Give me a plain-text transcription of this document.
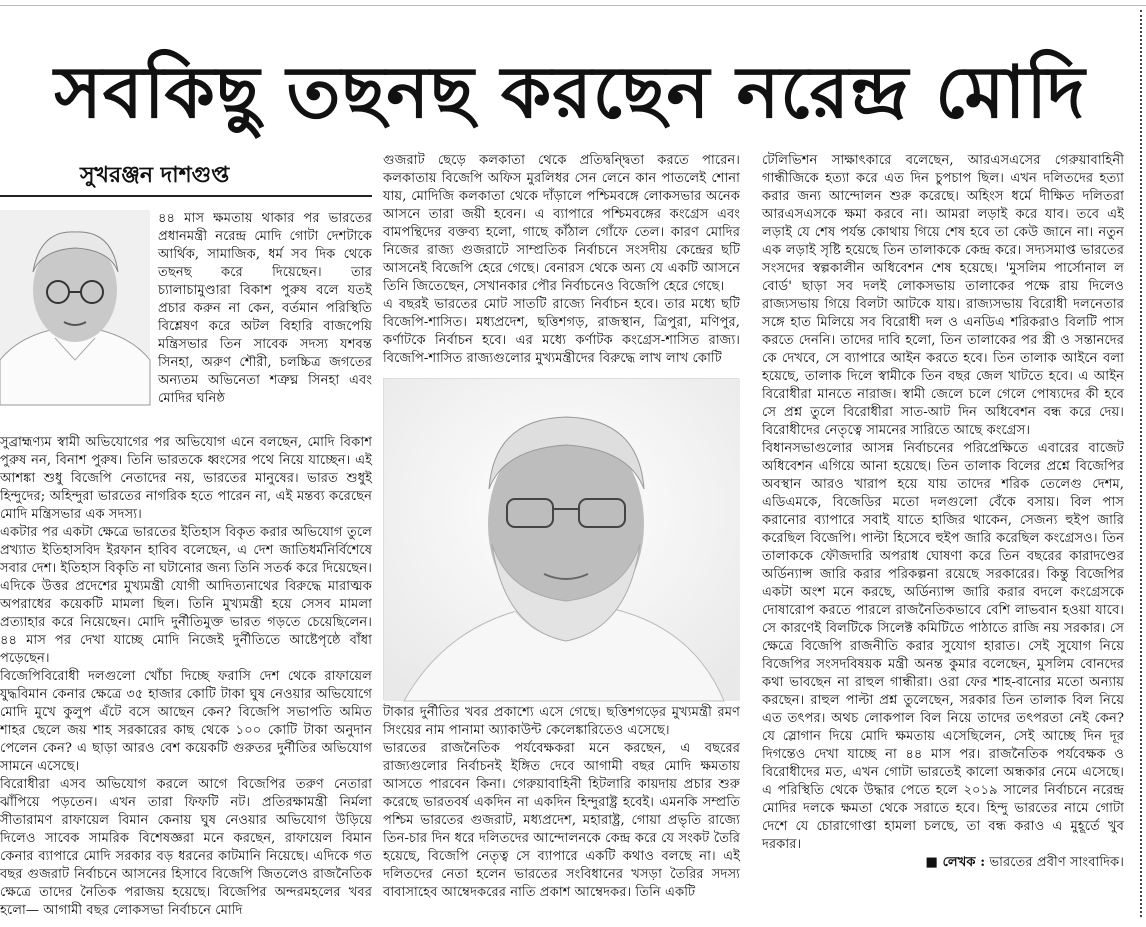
সবকিছু তছনছ করছেন নরেন্দ্র মোদি
সুখরঞ্জন দাশগুপ্ত

৪৪ মাস ক্ষমতায় থাকার পর ভারতের প্রধানমন্ত্রী নরেন্দ্র মোদি গোটা দেশটাকে আর্থিক, সামাজিক, ধর্ম সব দিক থেকে তছনছ করে দিয়েছেন। তার চ্যালাচামুণ্ডারা বিকাশ পুরুষ বলে যতই প্রচার করুন না কেন, বর্তমান পরিস্থিতি বিশ্লেষণ করে অটল বিহারি বাজপেয়ি মন্ত্রিসভার তিন সাবেক সদস্য যশবন্ত সিনহা, অরুণ শৌরী, চলচ্চিত্র জগতের অন্যতম অভিনেতা শত্রুঘ্ন সিনহা এবং মোদির ঘনিষ্ঠ

সুব্রাহ্মণ্যম স্বামী অভিযোগের পর অভিযোগ এনে বলছেন, মোদি বিকাশ পুরুষ নন, বিনাশ পুরুষ। তিনি ভারতকে ধ্বংসের পথে নিয়ে যাচ্ছেন। এই আশঙ্কা শুধু বিজেপি নেতাদের নয়, ভারতের মানুষের। ভারত শুধুই হিন্দুদের; অহিন্দুরা ভারতের নাগরিক হতে পারেন না, এই মন্তব্য করেছেন মোদি মন্ত্রিসভার এক সদস্য।

একটার পর একটা ক্ষেত্রে ভারতের ইতিহাস বিকৃত করার অভিযোগ তুলে প্রখ্যাত ইতিহাসবিদ ইরফান হাবিব বলেছেন, এ দেশ জাতিধর্মনির্বিশেষে সবার দেশ। ইতিহাস বিকৃতি না ঘটানোর জন্য তিনি সতর্ক করে দিয়েছেন। এদিকে উত্তর প্রদেশের মুখ্যমন্ত্রী যোগী আদিত্যনাথের বিরুদ্ধে মারাত্মক অপরাধের কয়েকটি মামলা ছিল। তিনি মুখ্যমন্ত্রী হয়ে সেসব মামলা প্রত্যাহার করে নিয়েছেন। মোদি দুর্নীতিমুক্ত ভারত গড়তে চেয়েছিলেন। ৪৪ মাস পর দেখা যাচ্ছে মোদি নিজেই দুর্নীতিতে আষ্টেপৃষ্ঠে বাঁধা পড়েছেন।

বিজেপিবিরোধী দলগুলো খোঁচা দিচ্ছে ফরাসি দেশ থেকে রাফায়েল যুদ্ধবিমান কেনার ক্ষেত্রে ৩৫ হাজার কোটি টাকা ঘুষ নেওয়ার অভিযোগে মোদি মুখে কুলুপ এঁটে বসে আছেন কেন? বিজেপি সভাপতি অমিত শাহর ছেলে জয় শাহ সরকারের কাছ থেকে ১০০ কোটি টাকা অনুদান পেলেন কেন? এ ছাড়া আরও বেশ কয়েকটি গুরুতর দুর্নীতির অভিযোগ সামনে এসেছে।

বিরোধীরা এসব অভিযোগ করলে আগে বিজেপির তরুণ নেতারা ঝাঁপিয়ে পড়তেন। এখন তারা ফিফটি নট। প্রতিরক্ষামন্ত্রী নির্মলা সীতারামণ রাফায়েল বিমান কেনায় ঘুষ নেওয়ার অভিযোগ উড়িয়ে দিলেও সাবেক সামরিক বিশেষজ্ঞরা মনে করছেন, রাফায়েল বিমান কেনার ব্যাপারে মোদি সরকার বড় ধরনের কাটমানি নিয়েছে। এদিকে গত বছর গুজরাট নির্বাচনে আসনের হিসাবে বিজেপি জিতলেও রাজনৈতিক ক্ষেত্রে তাদের নৈতিক পরাজয় হয়েছে। বিজেপির অন্দরমহলের খবর হলো— আগামী বছর লোকসভা নির্বাচনে মোদি

গুজরাট ছেড়ে কলকাতা থেকে প্রতিদ্বন্দ্বিতা করতে পারেন। কলকাতায় বিজেপি অফিস মুরলিধর সেন লেনে কান পাতলেই শোনা যায়, মোদিজি কলকাতা থেকে দাঁড়ালে পশ্চিমবঙ্গে লোকসভার অনেক আসনে তারা জয়ী হবেন। এ ব্যাপারে পশ্চিমবঙ্গের কংগ্রেস এবং বামপন্থিদের বক্তব্য হলো, গাছে কাঁঠাল গোঁফে তেল। কারণ মোদির নিজের রাজ্য গুজরাটে সাম্প্রতিক নির্বাচনে সংসদীয় কেন্দ্রের ছটি আসনেই বিজেপি হেরে গেছে। বেনারস থেকে অন্য যে একটি আসনে তিনি জিতেছেন, সেখানকার পৌর নির্বাচনেও বিজেপি হেরে গেছে।

এ বছরই ভারতের মোট সাতটি রাজ্যে নির্বাচন হবে। তার মধ্যে ছটি বিজেপি-শাসিত। মধ্যপ্রদেশ, ছত্তিশগড়, রাজস্থান, ত্রিপুরা, মণিপুর, কর্ণাটকে নির্বাচন হবে। এর মধ্যে কর্ণাটক কংগ্রেস-শাসিত রাজ্য। বিজেপি-শাসিত রাজ্যগুলোর মুখ্যমন্ত্রীদের বিরুদ্ধে লাখ লাখ কোটি

টাকার দুর্নীতির খবর প্রকাশ্যে এসে গেছে। ছত্তিশগড়ের মুখ্যমন্ত্রী রমণ সিংয়ের নাম পানামা অ্যাকাউন্ট কেলেঙ্কারিতেও এসেছে।

ভারতের রাজনৈতিক পর্যবেক্ষকরা মনে করছেন, এ বছরের রাজ্যগুলোর নির্বাচনই ইঙ্গিত দেবে আগামী বছর মোদি ক্ষমতায় আসতে পারবেন কিনা। গেরুয়াবাহিনী হিটলারি কায়দায় প্রচার শুরু করেছে ভারতবর্ষ একদিন না একদিন হিন্দুরাষ্ট্র হবেই। এমনকি সম্প্রতি পশ্চিম ভারতের গুজরাট, মধ্যপ্রদেশ, মহারাষ্ট্র, গোয়া প্রভৃতি রাজ্যে তিন-চার দিন ধরে দলিতদের আন্দোলনকে কেন্দ্র করে যে সংকট তৈরি হয়েছে, বিজেপি নেতৃত্ব সে ব্যাপারে একটি কথাও বলছে না। এই দলিতদের নেতা হলেন ভারতের সংবিধানের খসড়া তৈরির সদস্য বাবাসাহেব আম্বেদকরের নাতি প্রকাশ আম্বেদকর। তিনি একটি

টেলিভিশন সাক্ষাৎকারে বলেছেন, আরএসএসের গেরুয়াবাহিনী গান্ধীজিকে হত্যা করে এত দিন চুপচাপ ছিল। এখন দলিতদের হত্যা করার জন্য আন্দোলন শুরু করেছে। অহিংস ধর্মে দীক্ষিত দলিতরা আরএসএসকে ক্ষমা করবে না। আমরা লড়াই করে যাব। তবে এই লড়াই যে শেষ পর্যন্ত কোথায় গিয়ে শেষ হবে তা কেউ জানে না। নতুন এক লড়াই সৃষ্টি হয়েছে তিন তালাককে কেন্দ্র করে। সদ্যসমাপ্ত ভারতের সংসদের স্বল্পকালীন অধিবেশন শেষ হয়েছে। 'মুসলিম পার্সোনাল ল বোর্ড' ছাড়া সব দলই লোকসভায় তালাকের পক্ষে রায় দিলেও রাজ্যসভায় গিয়ে বিলটা আটকে যায়। রাজ্যসভায় বিরোধী দলনেতার সঙ্গে হাত মিলিয়ে সব বিরোধী দল ও এনডিএ শরিকরাও বিলটি পাস করতে দেননি। তাদের দাবি হলো, তিন তালাকের পর স্ত্রী ও সন্তানদের কে দেখবে, সে ব্যাপারে আইন করতে হবে। তিন তালাক আইনে বলা হয়েছে, তালাক দিলে স্বামীকে তিন বছর জেল খাটতে হবে। এ আইন বিরোধীরা মানতে নারাজ। স্বামী জেলে চলে গেলে পোষ্যদের কী হবে সে প্রশ্ন তুলে বিরোধীরা সাত-আট দিন অধিবেশন বন্ধ করে দেয়। বিরোধীদের নেতৃত্বে সামনের সারিতে আছে কংগ্রেস।

বিধানসভাগুলোর আসন্ন নির্বাচনের পরিপ্রেক্ষিতে এবারের বাজেট অধিবেশন এগিয়ে আনা হয়েছে। তিন তালাক বিলের প্রশ্নে বিজেপির অবস্থান আরও খারাপ হয়ে যায় তাদের শরিক তেলেগু দেশম, এডিএমকে, বিজেডির মতো দলগুলো বেঁকে বসায়। বিল পাস করানোর ব্যাপারে সবাই যাতে হাজির থাকেন, সেজন্য হুইপ জারি করেছিল বিজেপি। পাল্টা হিসেবে হুইপ জারি করেছিল কংগ্রেসও। তিন তালাককে ফৌজদারি অপরাধ ঘোষণা করে তিন বছরের কারাদণ্ডের অর্ডিন্যান্স জারি করার পরিকল্পনা রয়েছে সরকারের। কিন্তু বিজেপির একটা অংশ মনে করছে, অর্ডিন্যান্স জারি করার বদলে কংগ্রেসকে দোষারোপ করতে পারলে রাজনৈতিকভাবে বেশি লাভবান হওয়া যাবে। সে কারণেই বিলটিকে সিলেক্ট কমিটিতে পাঠাতে রাজি নয় সরকার। সে ক্ষেত্রে বিজেপি রাজনীতি করার সুযোগ হারাত। সেই সুযোগ নিয়ে বিজেপির সংসদবিষয়ক মন্ত্রী অনন্ত কুমার বলেছেন, মুসলিম বোনদের কথা ভাবছেন না রাহুল গান্ধীরা। ওরা ফের শাহ-বানোর মতো অন্যায় করছেন। রাহুল পাল্টা প্রশ্ন তুলেছেন, সরকার তিন তালাক বিল নিয়ে এত তৎপর। অথচ লোকপাল বিল নিয়ে তাদের তৎপরতা নেই কেন? যে স্লোগান দিয়ে মোদি ক্ষমতায় এসেছিলেন, সেই আচ্ছে দিন দূর দিগন্তেও দেখা যাচ্ছে না ৪৪ মাস পর। রাজনৈতিক পর্যবেক্ষক ও বিরোধীদের মত, এখন গোটা ভারতেই কালো অন্ধকার নেমে এসেছে। এ পরিস্থিতি থেকে উদ্ধার পেতে হলে ২০১৯ সালের নির্বাচনে নরেন্দ্র মোদির দলকে ক্ষমতা থেকে সরাতে হবে। হিন্দু ভারতের নামে গোটা দেশে যে চোরাগোপ্তা হামলা চলছে, তা বন্ধ করাও এ মুহূর্তে খুব দরকার।

■ লেখক : ভারতের প্রবীণ সাংবাদিক।
